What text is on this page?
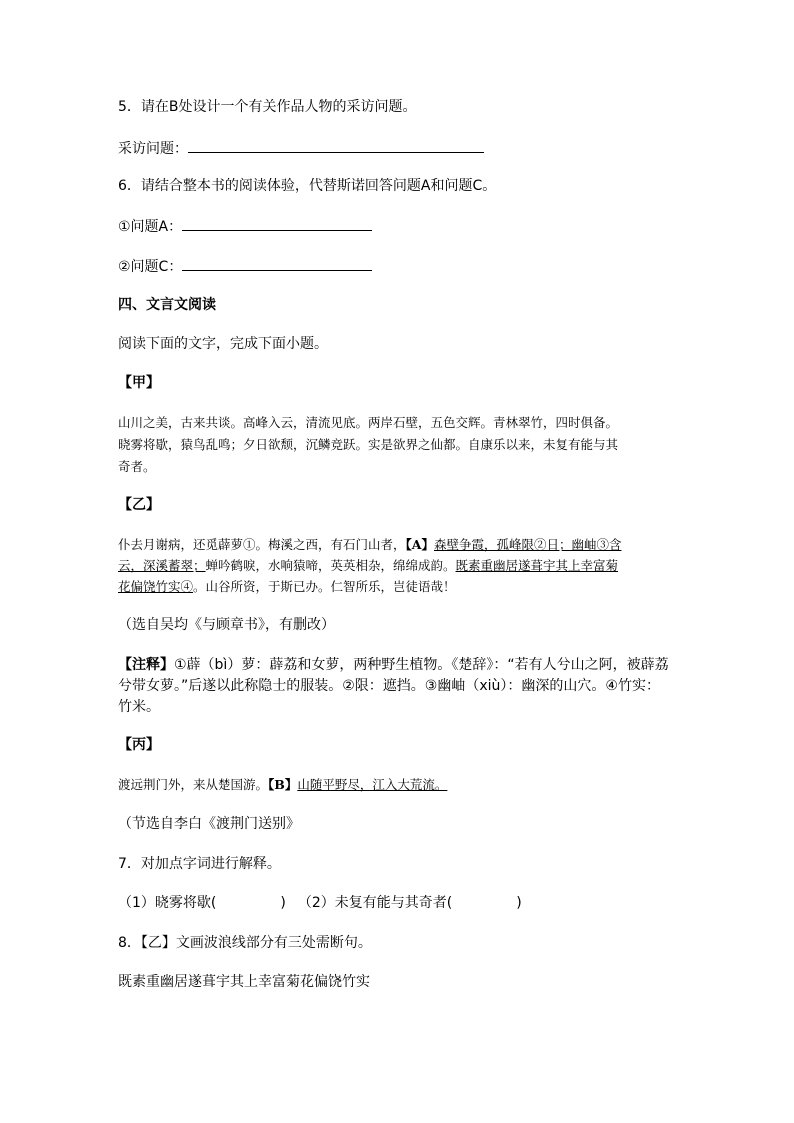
5．请在B处设计一个有关作品人物的采访问题。
采访问题：
6．请结合整本书的阅读体验，代替斯诺回答问题A和问题C。
①问题A：
②问题C：
四、文言文阅读
阅读下面的文字，完成下面小题。
【甲】
山川之美，古来共谈。高峰入云，清流见底。两岸石壁，五色交辉。青林翠竹，四时俱备。
晓雾将歇，猿鸟乱鸣；夕日欲颓，沉鳞竞跃。实是欲界之仙都。自康乐以来，未复有能与其
奇者。
【乙】
仆去月谢病，还觅薜萝①。梅溪之西，有石门山者，【A】森壁争霞，孤峰限②日；幽岫③含
云，深溪蓄翠；蝉吟鹤唳，水响猿啼，英英相杂，绵绵成韵。既素重幽居遂葺宇其上幸富菊
花偏饶竹实④。山谷所资，于斯已办。仁智所乐，岂徒语哉！
（选自吴均《与顾章书》，有删改）
【注释】①薜（bì）萝：薜荔和女萝，两种野生植物。《楚辞》：“若有人兮山之阿，被薜荔
兮带女萝。”后遂以此称隐士的服装。②限：遮挡。③幽岫（xiù）：幽深的山穴。④竹实：
竹米。
【丙】
渡远荆门外，来从楚国游。【B】山随平野尽，江入大荒流。
（节选自李白《渡荆门送别》
7．对加点字词进行解释。
（1）晓雾将歇(	) （2）未复有能与其奇者(	)
8．【乙】文画波浪线部分有三处需断句。
既素重幽居遂葺宇其上幸富菊花偏饶竹实
